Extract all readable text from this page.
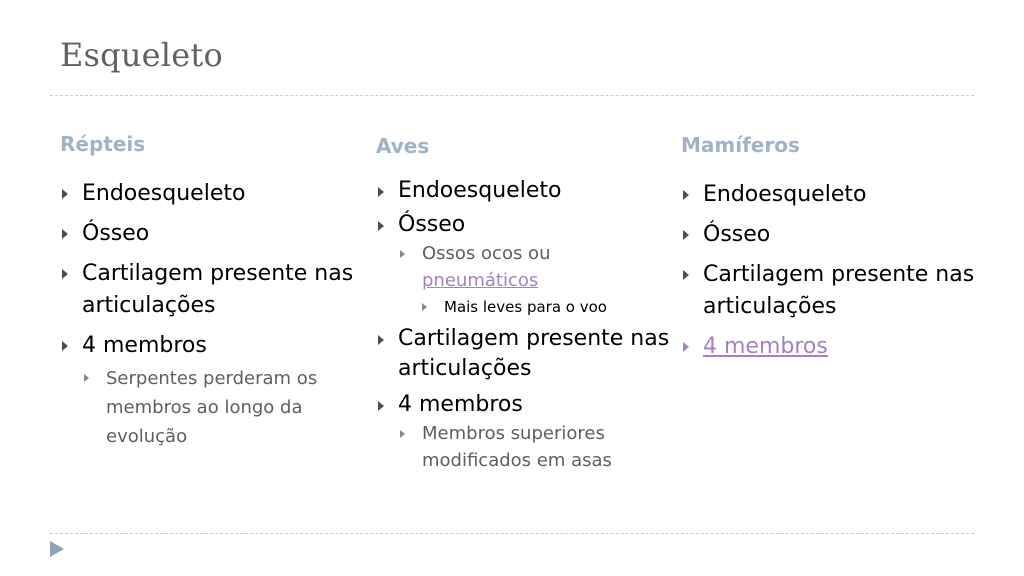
Esqueleto
Répteis
Endoesqueleto
Ósseo
Cartilagem presente nas articulações
4 membros
Serpentes perderam os membros ao longo da evolução
Aves
Endoesqueleto
Ósseo
Ossos ocos ou pneumáticos
Mais leves para o voo
Cartilagem presente nas articulações
4 membros
Membros superiores modificados em asas
Mamíferos
Endoesqueleto
Ósseo
Cartilagem presente nas articulações
4 membros
